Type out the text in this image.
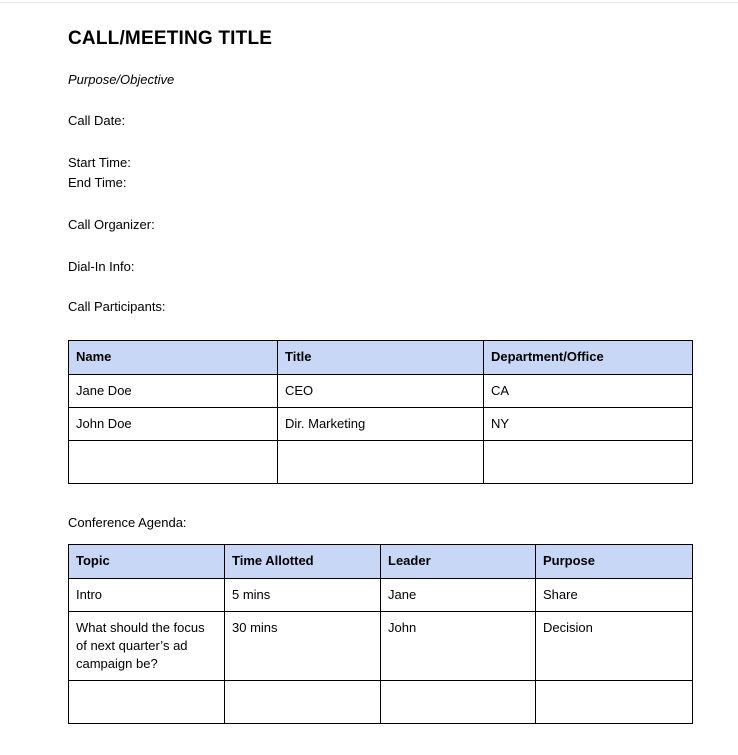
CALL/MEETING TITLE

Purpose/Objective

Call Date:

Start Time:

End Time:

Call Organizer:

Dial-In Info:

Call Participants:

Name	Title	Department/Office
Jane Doe	CEO	CA
John Doe	Dir. Marketing	NY

Conference Agenda:

Topic	Time Allotted	Leader	Purpose
Intro	5 mins	Jane	Share
What should the focus of next quarter’s ad campaign be?	30 mins	John	Decision
